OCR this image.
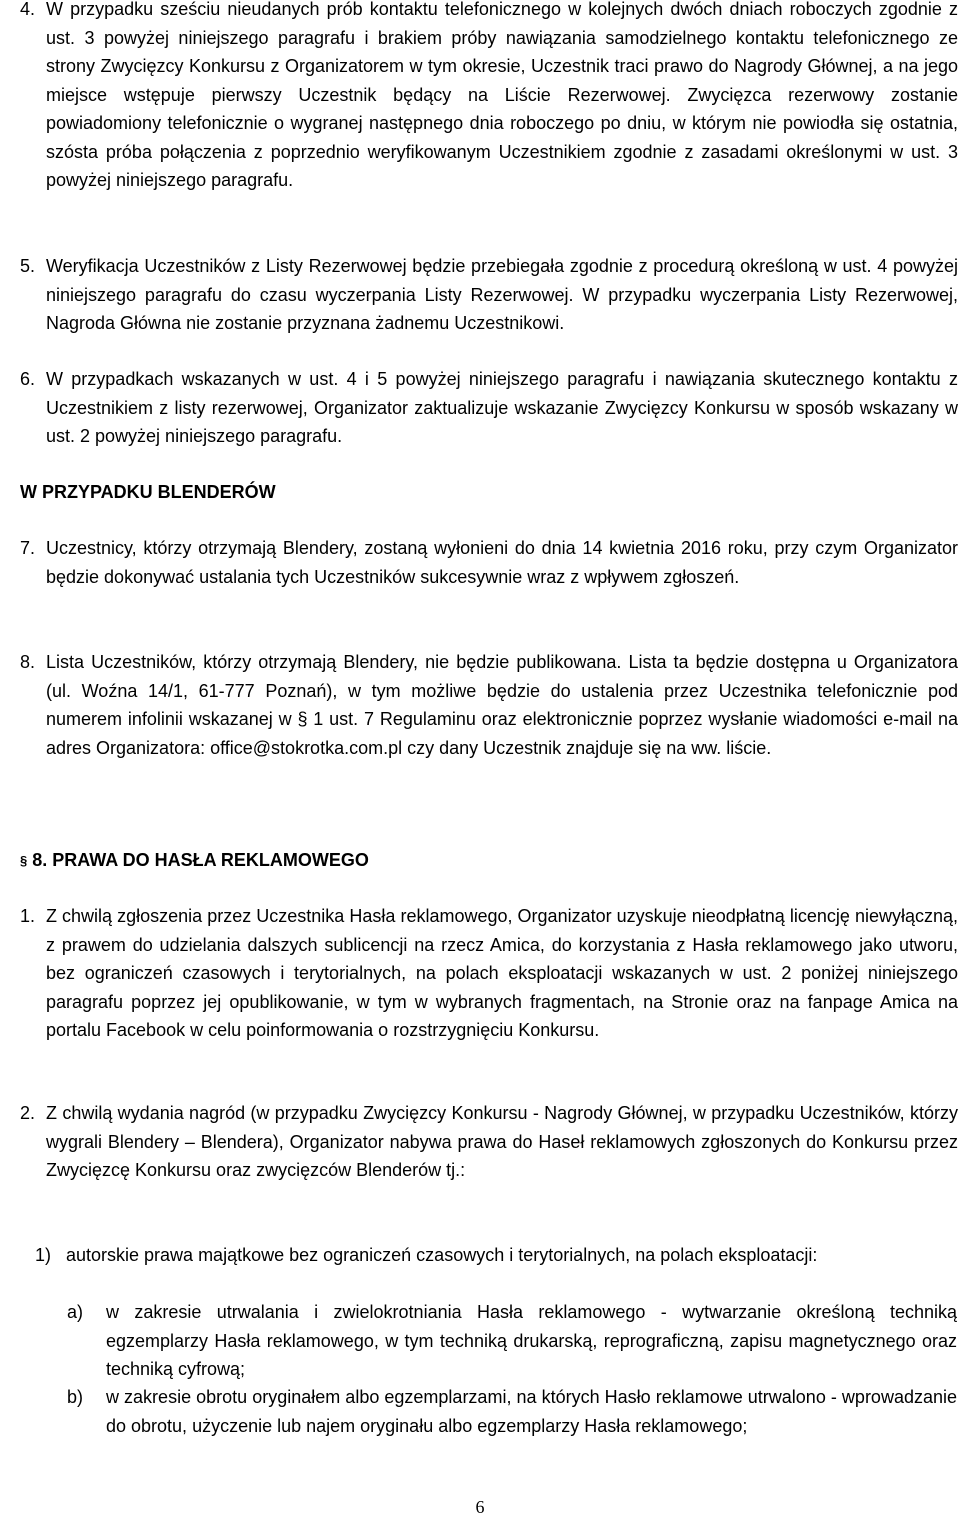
4. W przypadku sześciu nieudanych prób kontaktu telefonicznego w kolejnych dwóch dniach roboczych zgodnie z ust. 3 powyżej niniejszego paragrafu i brakiem próby nawiązania samodzielnego kontaktu telefonicznego ze strony Zwycięzcy Konkursu z Organizatorem w tym okresie, Uczestnik traci prawo do Nagrody Głównej, a na jego miejsce wstępuje pierwszy Uczestnik będący na Liście Rezerwowej. Zwycięzca rezerwowy zostanie powiadomiony telefonicznie o wygranej następnego dnia roboczego po dniu, w którym nie powiodła się ostatnia, szósta próba połączenia z poprzednio weryfikowanym Uczestnikiem zgodnie z zasadami określonymi w ust. 3 powyżej niniejszego paragrafu.
5. Weryfikacja Uczestników z Listy Rezerwowej będzie przebiegała zgodnie z procedurą określoną w ust. 4 powyżej niniejszego paragrafu do czasu wyczerpania Listy Rezerwowej. W przypadku wyczerpania Listy Rezerwowej, Nagroda Główna nie zostanie przyznana żadnemu Uczestnikowi.
6. W przypadkach wskazanych w ust. 4 i 5 powyżej niniejszego paragrafu i nawiązania skutecznego kontaktu z Uczestnikiem z listy rezerwowej, Organizator zaktualizuje wskazanie Zwycięzcy Konkursu w sposób wskazany w ust. 2 powyżej niniejszego paragrafu.
W PRZYPADKU BLENDERÓW
7. Uczestnicy, którzy otrzymają Blendery, zostaną wyłonieni do dnia 14 kwietnia 2016 roku, przy czym Organizator będzie dokonywać ustalania tych Uczestników sukcesywnie wraz z wpływem zgłoszeń.
8. Lista Uczestników, którzy otrzymają Blendery, nie będzie publikowana. Lista ta będzie dostępna u Organizatora (ul. Woźna 14/1, 61-777 Poznań), w tym możliwe będzie do ustalenia przez Uczestnika telefonicznie pod numerem infolinii wskazanej w § 1 ust. 7 Regulaminu oraz elektronicznie poprzez wysłanie wiadomości e-mail na adres Organizatora: office@stokrotka.com.pl czy dany Uczestnik znajduje się na ww. liście.
§ 8. PRAWA DO HASŁA REKLAMOWEGO
1. Z chwilą zgłoszenia przez Uczestnika Hasła reklamowego, Organizator uzyskuje nieodpłatną licencję niewyłączną, z prawem do udzielania dalszych sublicencji na rzecz Amica, do korzystania z Hasła reklamowego jako utworu, bez ograniczeń czasowych i terytorialnych, na polach eksploatacji wskazanych w ust. 2 poniżej niniejszego paragrafu poprzez jej opublikowanie, w tym w wybranych fragmentach, na Stronie oraz na fanpage Amica na portalu Facebook w celu poinformowania o rozstrzygnięciu Konkursu.
2. Z chwilą wydania nagród (w przypadku Zwycięzcy Konkursu - Nagrody Głównej, w przypadku Uczestników, którzy wygrali Blendery – Blendera), Organizator nabywa prawa do Haseł reklamowych zgłoszonych do Konkursu przez Zwycięzcę Konkursu oraz zwycięzców Blenderów tj.:
1) autorskie prawa majątkowe bez ograniczeń czasowych i terytorialnych, na polach eksploatacji:
a) w zakresie utrwalania i zwielokrotniania Hasła reklamowego - wytwarzanie określoną techniką egzemplarzy Hasła reklamowego, w tym techniką drukarską, reprograficzną, zapisu magnetycznego oraz techniką cyfrową;
b) w zakresie obrotu oryginałem albo egzemplarzami, na których Hasło reklamowe utrwalono - wprowadzanie do obrotu, użyczenie lub najem oryginału albo egzemplarzy Hasła reklamowego;
6
